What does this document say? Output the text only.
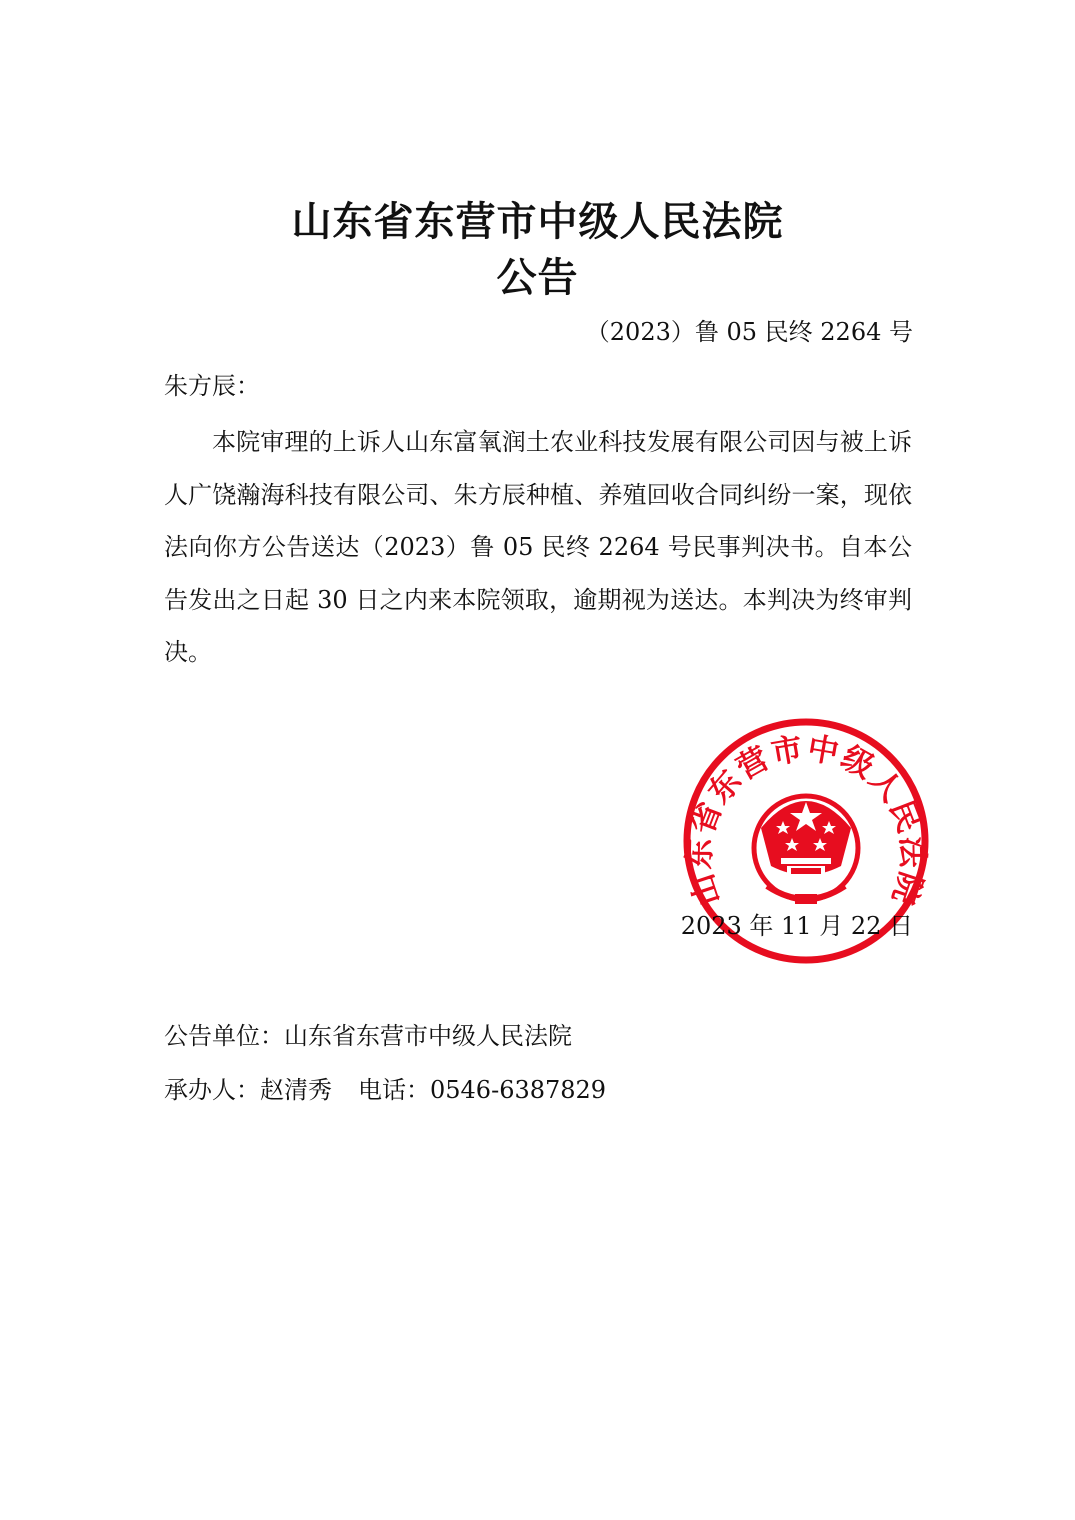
山东省东营市中级人民法院
公告
（2023）鲁 05 民终 2264 号
朱方辰：

本院审理的上诉人山东富氧润土农业科技发展有限公司因与被上诉人广饶瀚海科技有限公司、朱方辰种植、养殖回收合同纠纷一案，现依法向你方公告送达（2023）鲁 05 民终 2264 号民事判决书。自本公告发出之日起 30 日之内来本院领取，逾期视为送达。本判决为终审判决。

2023 年 11 月 22 日
山东省东营市中级人民法院
公告单位：山东省东营市中级人民法院
承办人：赵清秀 电话：0546-6387829
